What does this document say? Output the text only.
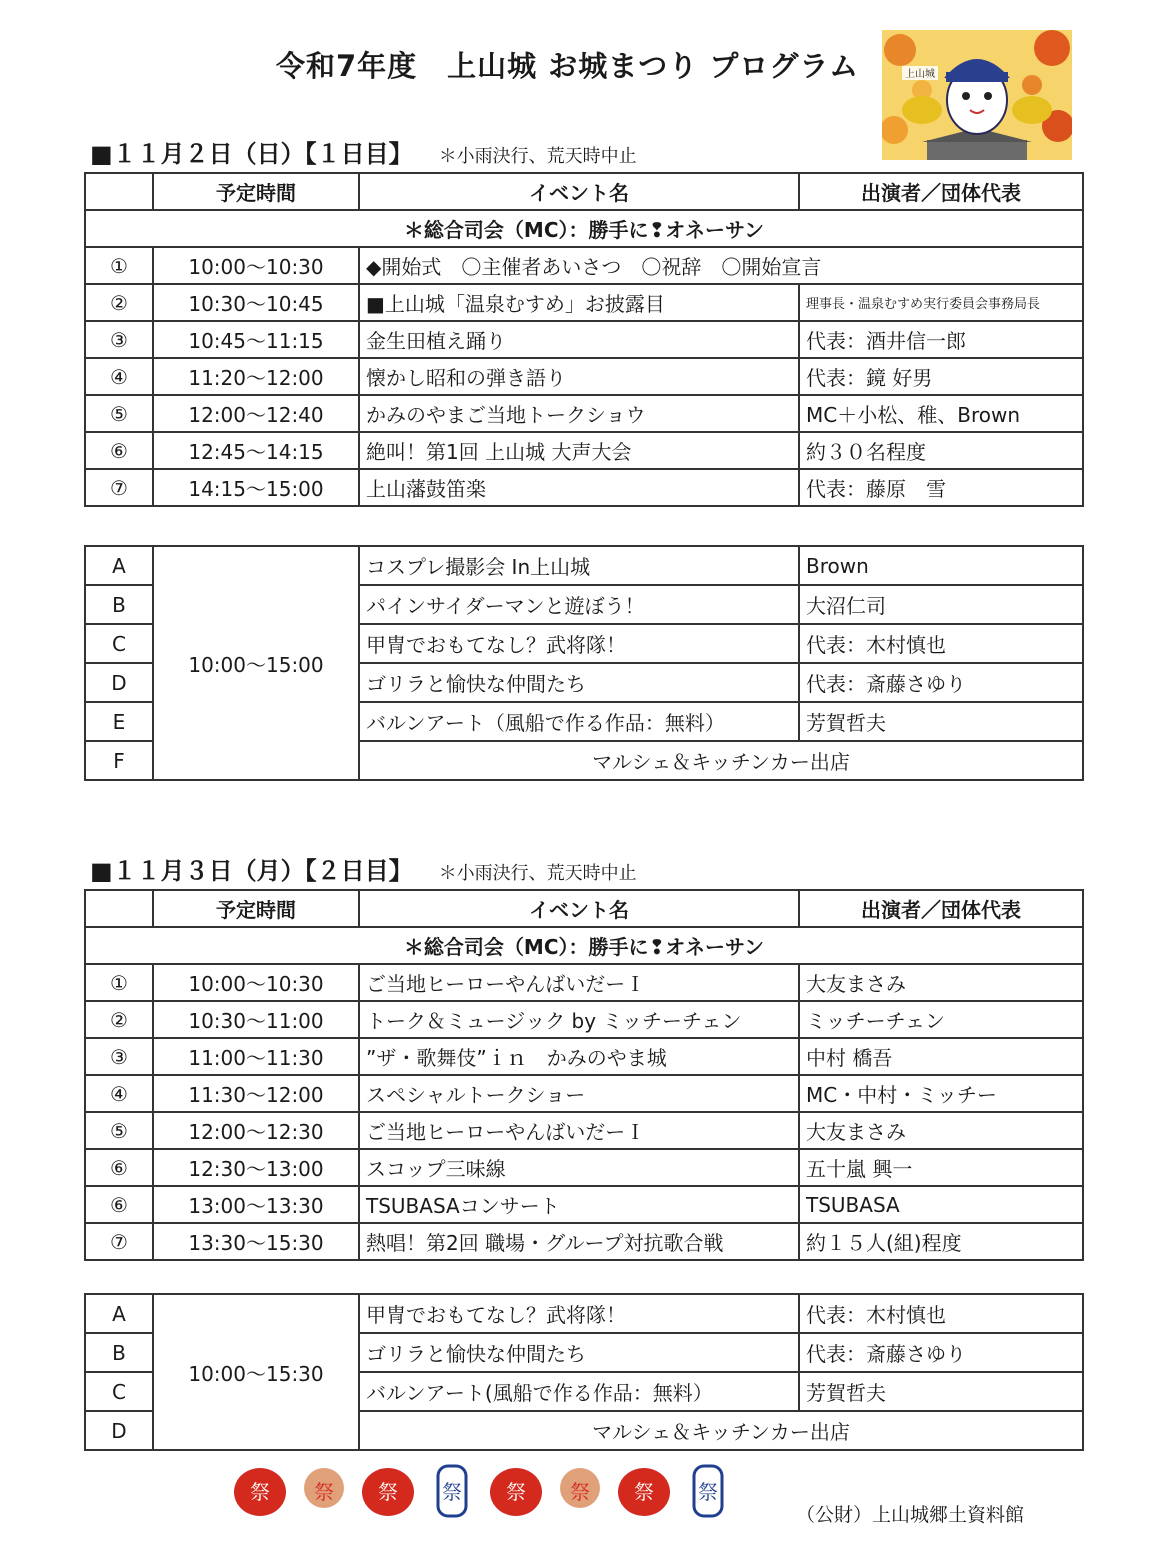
令和7年度　上山城 お城まつり プログラム	上山城
■１１月２日（日）【１日目】 ＊小雨決行、荒天時中止
	予定時間	イベント名	出演者／団体代表
＊総合司会（MC）：勝手に❢オネーサン			
①	10:00～10:30	◆開始式　〇主催者あいさつ　〇祝辞　〇開始宣言	
②	10:30～10:45	■上山城「温泉むすめ」お披露目	理事長・温泉むすめ実行委員会事務局長
③	10:45～11:15	金生田植え踊り	代表：酒井信一郎
④	11:20～12:00	懐かし昭和の弾き語り	代表：鏡 好男
⑤	12:00～12:40	かみのやまご当地トークショウ	MC＋小松、稚、Brown
⑥	12:45～14:15	絶叫！第1回 上山城 大声大会	約３０名程度
⑦	14:15～15:00	上山藩鼓笛楽	代表：藤原　雪
A	10:00～15:00	コスプレ撮影会 In上山城	Brown
B		パインサイダーマンと遊ぼう！	大沼仁司
C		甲冑でおもてなし？武将隊！	代表：木村慎也
D		ゴリラと愉快な仲間たち	代表：斎藤さゆり
E		バルンアート（風船で作る作品：無料）	芳賀哲夫
F		マルシェ＆キッチンカー出店	
■１１月３日（月）【２日目】 ＊小雨決行、荒天時中止
	予定時間	イベント名	出演者／団体代表
＊総合司会（MC）：勝手に❢オネーサン			
①	10:00～10:30	ご当地ヒーローやんばいだーＩ	大友まさみ
②	10:30～11:00	トーク＆ミュージック by ミッチーチェン	ミッチーチェン
③	11:00～11:30	”ザ・歌舞伎”ｉｎ　かみのやま城	中村 橋吾
④	11:30～12:00	スペシャルトークショー	MC・中村・ミッチー
⑤	12:00～12:30	ご当地ヒーローやんばいだーＩ	大友まさみ
⑥	12:30～13:00	スコップ三味線	五十嵐 興一
⑥	13:00～13:30	TSUBASAコンサート	TSUBASA
⑦	13:30～15:30	熱唱！第2回 職場・グループ対抗歌合戦	約１５人(組)程度
A	10:00～15:30	甲冑でおもてなし？武将隊！	代表：木村慎也
B		ゴリラと愉快な仲間たち	代表：斎藤さゆり
C		バルンアート(風船で作る作品：無料）	芳賀哲夫
D		マルシェ＆キッチンカー出店	
祭 祭 祭 祭 祭 祭 祭 祭
（公財）上山城郷土資料館
